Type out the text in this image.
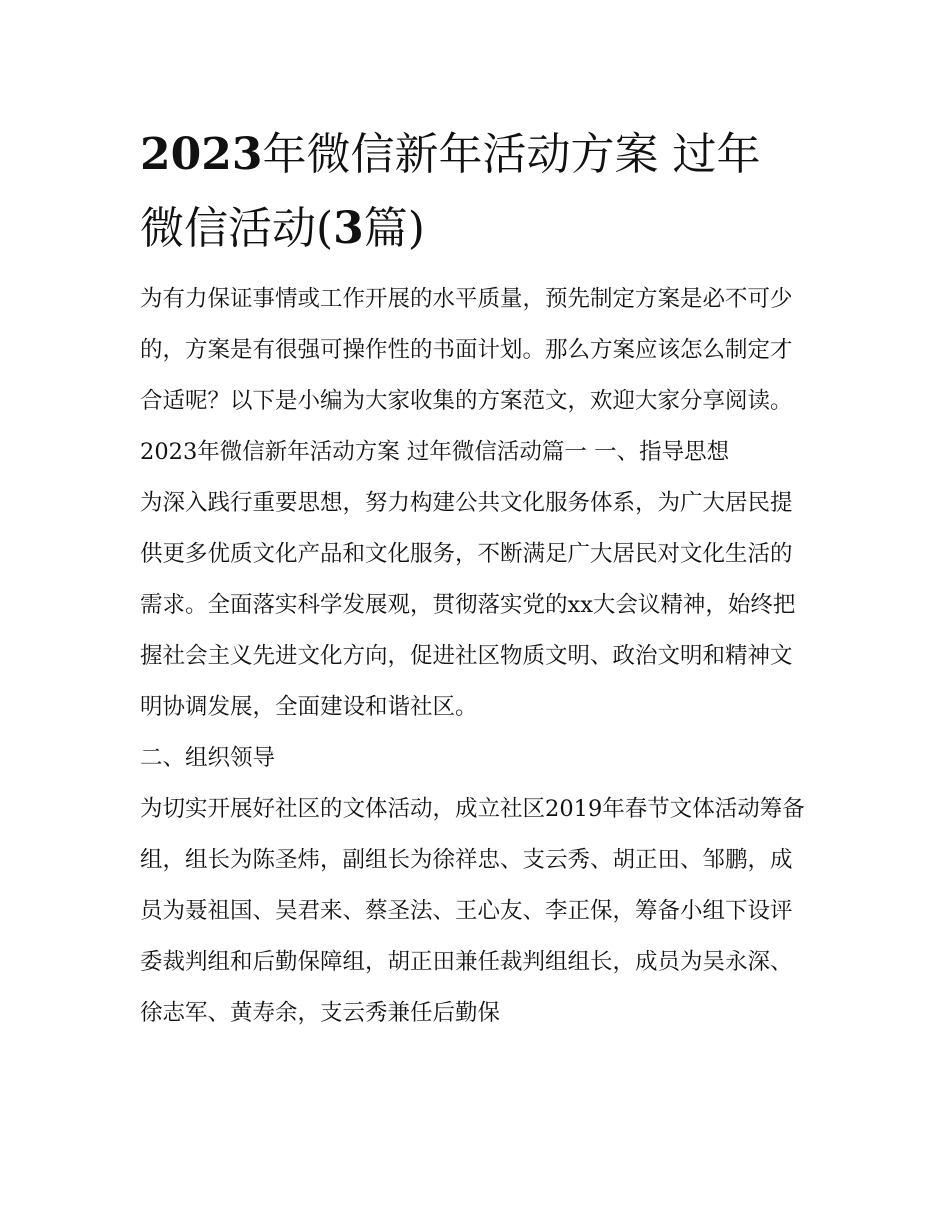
2023年微信新年活动方案 过年微信活动(3篇)

为有力保证事情或工作开展的水平质量，预先制定方案是必不可少的，方案是有很强可操作性的书面计划。那么方案应该怎么制定才合适呢？以下是小编为大家收集的方案范文，欢迎大家分享阅读。

2023年微信新年活动方案 过年微信活动篇一 一、指导思想

为深入践行重要思想，努力构建公共文化服务体系，为广大居民提供更多优质文化产品和文化服务，不断满足广大居民对文化生活的需求。全面落实科学发展观，贯彻落实党的xx大会议精神，始终把握社会主义先进文化方向，促进社区物质文明、政治文明和精神文明协调发展，全面建设和谐社区。

二、组织领导

为切实开展好社区的文体活动，成立社区2019年春节文体活动筹备组，组长为陈圣炜，副组长为徐祥忠、支云秀、胡正田、邹鹏，成员为聂祖国、吴君来、蔡圣法、王心友、李正保，筹备小组下设评委裁判组和后勤保障组，胡正田兼任裁判组组长，成员为吴永深、徐志军、黄寿余，支云秀兼任后勤保
